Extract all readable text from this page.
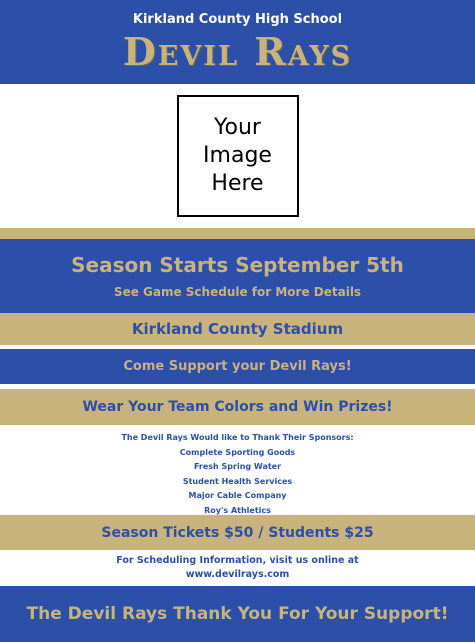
Kirkland County High School
Devil Rays
Your
Image
Here
Season Starts September 5th
See Game Schedule for More Details
Kirkland County Stadium
Come Support your Devil Rays!
Wear Your Team Colors and Win Prizes!
The Devil Rays Would like to Thank Their Sponsors:
Complete Sporting Goods
Fresh Spring Water
Student Health Services
Major Cable Company
Roy's Athletics
Season Tickets $50 / Students $25
For Scheduling Information, visit us online at
www.devilrays.com
The Devil Rays Thank You For Your Support!
